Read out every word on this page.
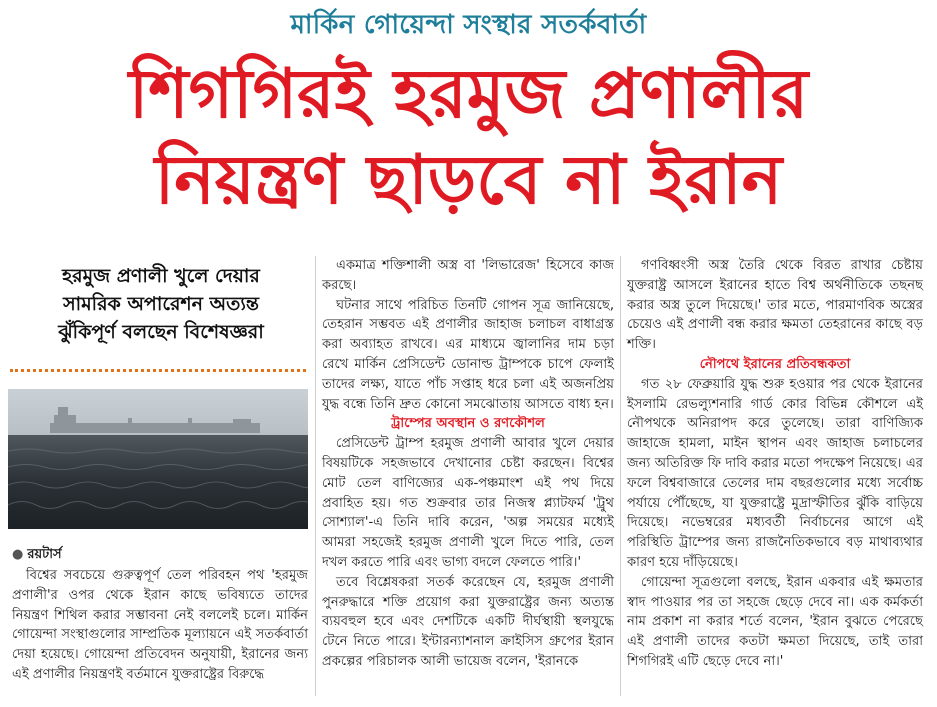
মার্কিন গোয়েন্দা সংস্থার সতর্কবার্তা
শিগগিরই হরমুজ প্রণালীর
নিয়ন্ত্রণ ছাড়বে না ইরান
হরমুজ প্রণালী খুলে দেয়ার
সামরিক অপারেশন অত্যন্ত
ঝুঁকিপূর্ণ বলছেন বিশেষজ্ঞরা
● রয়টার্স

বিশ্বের সবচেয়ে গুরুত্বপূর্ণ তেল পরিবহন পথ 'হরমুজ প্রণালী'র ওপর থেকে ইরান কাছে ভবিষ্যতে তাদের নিয়ন্ত্রণ শিথিল করার সম্ভাবনা নেই বললেই চলে। মার্কিন গোয়েন্দা সংস্থাগুলোর সাম্প্রতিক মূল্যায়নে এই সতর্কবার্তা দেয়া হয়েছে। গোয়েন্দা প্রতিবেদন অনুযায়ী, ইরানের জন্য এই প্রণালীর নিয়ন্ত্রণই বর্তমানে যুক্তরাষ্ট্রের বিরুদ্ধে

একমাত্র শক্তিশালী অস্ত্র বা 'লিভারেজ' হিসেবে কাজ করছে।

ঘটনার সাথে পরিচিত তিনটি গোপন সূত্র জানিয়েছে, তেহরান সম্ভবত এই প্রণালীর জাহাজ চলাচল বাধাগ্রস্ত করা অব্যাহত রাখবে। এর মাধ্যমে জ্বালানির দাম চড়া রেখে মার্কিন প্রেসিডেন্ট ডোনাল্ড ট্রাম্পকে চাপে ফেলাই তাদের লক্ষ্য, যাতে পাঁচ সপ্তাহ ধরে চলা এই অজনপ্রিয় যুদ্ধ বন্ধে তিনি দ্রুত কোনো সমঝোতায় আসতে বাধ্য হন।

ট্রাম্পের অবস্থান ও রণকৌশল

প্রেসিডেন্ট ট্রাম্প হরমুজ প্রণালী আবার খুলে দেয়ার বিষয়টিকে সহজভাবে দেখানোর চেষ্টা করছেন। বিশ্বের মোট তেল বাণিজ্যের এক-পঞ্চমাংশ এই পথ দিয়ে প্রবাহিত হয়। গত শুক্রবার তার নিজস্ব প্ল্যাটফর্ম 'ট্রুথ সোশ্যাল'-এ তিনি দাবি করেন, 'অল্প সময়ের মধ্যেই আমরা সহজেই হরমুজ প্রণালী খুলে দিতে পারি, তেল দখল করতে পারি এবং ভাগ্য বদলে ফেলতে পারি।'

তবে বিশ্লেষকরা সতর্ক করেছেন যে, হরমুজ প্রণালী পুনরুদ্ধারে শক্তি প্রয়োগ করা যুক্তরাষ্ট্রের জন্য অত্যন্ত ব্যয়বহুল হবে এবং দেশটিকে একটি দীর্ঘস্থায়ী স্থলযুদ্ধে টেনে নিতে পারে। ইন্টারন্যাশনাল ক্রাইসিস গ্রুপের ইরান প্রকল্পের পরিচালক আলী ভায়েজ বলেন, 'ইরানকে

গণবিধ্বংসী অস্ত্র তৈরি থেকে বিরত রাখার চেষ্টায় যুক্তরাষ্ট্র আসলে ইরানের হাতে বিশ্ব অর্থনীতিকে তছনছ করার অস্ত্র তুলে দিয়েছে।' তার মতে, পারমাণবিক অস্ত্রের চেয়েও এই প্রণালী বন্ধ করার ক্ষমতা তেহরানের কাছে বড় শক্তি।

নৌপথে ইরানের প্রতিবন্ধকতা

গত ২৮ ফেব্রুয়ারি যুদ্ধ শুরু হওয়ার পর থেকে ইরানের ইসলামি রেভল্যুশনারি গার্ড কোর বিভিন্ন কৌশলে এই নৌপথকে অনিরাপদ করে তুলেছে। তারা বাণিজ্যিক জাহাজে হামলা, মাইন স্থাপন এবং জাহাজ চলাচলের জন্য অতিরিক্ত ফি দাবি করার মতো পদক্ষেপ নিয়েছে। এর ফলে বিশ্ববাজারে তেলের দাম বছরগুলোর মধ্যে সর্বোচ্চ পর্যায়ে পৌঁছেছে, যা যুক্তরাষ্ট্রে মুদ্রাস্ফীতির ঝুঁকি বাড়িয়ে দিয়েছে। নভেম্বরের মধ্যবর্তী নির্বাচনের আগে এই পরিস্থিতি ট্রাম্পের জন্য রাজনৈতিকভাবে বড় মাথাব্যথার কারণ হয়ে দাঁড়িয়েছে।

গোয়েন্দা সূত্রগুলো বলছে, ইরান একবার এই ক্ষমতার স্বাদ পাওয়ার পর তা সহজে ছেড়ে দেবে না। এক কর্মকর্তা নাম প্রকাশ না করার শর্তে বলেন, 'ইরান বুঝতে পেরেছে এই প্রণালী তাদের কতটা ক্ষমতা দিয়েছে, তাই তারা শিগগিরই এটি ছেড়ে দেবে না।'
